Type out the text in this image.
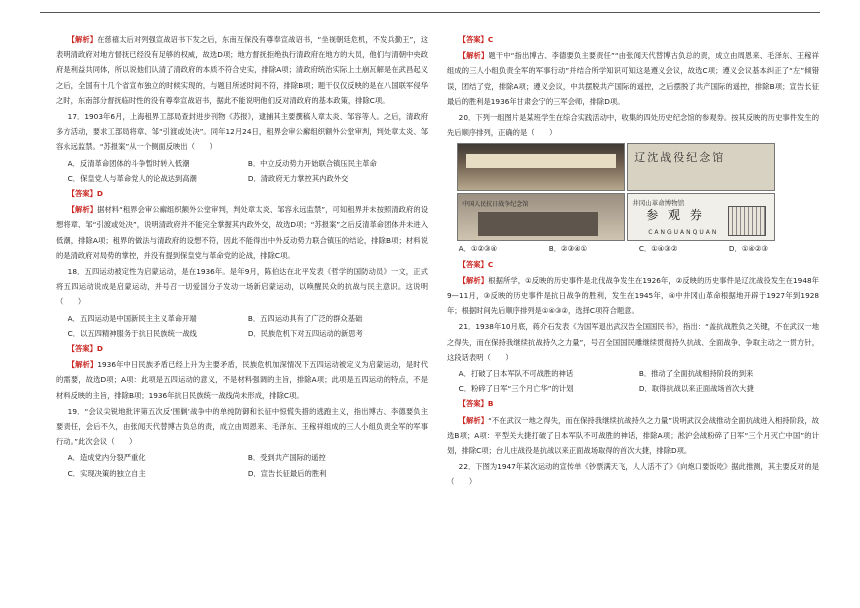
【解析】在慈禧太后对列强宣战诏书下发之后，东南互保没有尊奉宣战诏书，“坐视朝廷危机，不发兵勤王”，这表明清政府对地方督抚已经没有足够的权威，故选D项；地方督抚拒绝执行清政府在地方的大员，他们与清朝中央政府是利益共同体，所以说他们认清了清政府的本质不符合史实，排除A项；清政府统治实际上土崩瓦解是在武昌起义之后，全国有十几个省宣布独立的时候实现的，与题目所述时间不符，排除B项；题干仅仅反映的是在八国联军侵华之时，东南部分督抚临时性的没有尊奉宣战诏书，据此不能说明他们反对清政府的基本政策，排除C项。

17．1903年6月，上海租界工部局查封进步刊物《苏报》，逮捕其主要撰稿人章太炎、邹容等人。之后，清政府多方活动，要求工部局将章、邹“引渡或处决”。同年12月24日，租界会审公廨组织额外公堂审判，判处章太炎、邹容永远监禁。“苏报案”从一个侧面反映出（　　）

A．反清革命团体的斗争暂时转入低潮	B．中立反动势力开始联合镇压民主革命
C．保皇党人与革命党人的论战达到高潮	D．清政府无力掌控其内政外交

【答案】D

【解析】据材料“租界会审公廨组织额外公堂审判，判处章太炎、邹容永远监禁”，可知租界并未按照清政府的设想将章、邹“引渡或处决”，说明清政府并不能完全掌握其内政外交，故选D项；“苏报案”之后反清革命团体并未进入低潮，排除A项；租界的做法与清政府的设想不符，因此不能得出中外反动势力联合镇压的结论，排除B项；材料说的是清政府对局势的掌控，并没有提到保皇党与革命党的论战，排除C项。

18．五四运动被定性为启蒙运动，是在1936年。是年9月，陈伯达在北平发表《哲学的国防动员》一文，正式将五四运动说成是启蒙运动，并号召一切爱国分子发动一场新启蒙运动，以唤醒民众的抗战与民主意识。这说明（　　）

A．五四运动是中国新民主主义革命开端	B．五四运动具有了广泛的群众基础
C．以五四精神服务于抗日民族统一战线	D．民族危机下对五四运动的新思考

【答案】D

【解析】1936年中日民族矛盾已经上升为主要矛盾，民族危机加深情况下五四运动被定义为启蒙运动，是时代的需要，故选D项；A项：此项是五四运动的意义，不是材料强调的主旨，排除A项；此项是五四运动的特点，不是材料反映的主旨，排除B项；1936年抗日民族统一战线尚未形成，排除C项。

19．“会议尖锐地批评第五次反‘围剿’战争中的单纯防御和长征中惊慌失措的逃跑主义，指出博古、李德要负主要责任，会后不久，由张闻天代替博古负总的责，成立由周恩来、毛泽东、王稼祥组成的三人小组负责全军的军事行动。”此次会议（　　）

A．造成党内分裂严重化	B．受到共产国际的遥控
C．实现决策的独立自主	D．宣告长征最后的胜利

【答案】C

【解析】题干中“指出博古、李德要负主要责任”“由张闻天代替博古负总的责，成立由周恩来、毛泽东、王稼祥组成的三人小组负责全军的军事行动”并结合所学知识可知这是遵义会议，故选C项；遵义会议基本纠正了“左”倾错误，团结了党，排除A项；遵义会议，中共摆脱共产国际的遥控，之后摆脱了共产国际的遥控，排除B项；宣告长征最后的胜利是1936年甘肃会宁的三军会师，排除D项。

20．下列一组图片是某班学生在综合实践活动中，收集的四处历史纪念馆的参观券。按其反映的历史事件发生的先后顺序排列，正确的是（　　）

辽沈战役纪念馆
中国人民抗日战争纪念馆	井冈山革命博物馆
参 观 券
CANGUANQUAN
A．①②③④	B．②③④①	C．①④③②	D．①④②③

【答案】C

【解析】根据所学，①反映的历史事件是北伐战争发生在1926年，②反映的历史事件是辽沈战役发生在1948年9—11月，③反映的历史事件是抗日战争的胜利，发生在1945年，④中井冈山革命根据地开辟于1927年到1928年；根据时间先后顺序排列是①④③②，选择C项符合题意。

21．1938年10月底，蒋介石发表《为国军退出武汉告全国国民书》，指出：“盖抗战胜负之关键，不在武汉一地之得失，而在保持我继续抗战持久之力量”，号召全国国民雕继续贯彻持久抗战、全面战争、争取主动之一贯方针，这段话表明（　　）

A．打破了日本军队不可战胜的神话	B．推动了全面抗战相持阶段的到来
C．粉碎了日军“三个月亡华”的计划	D．取得抗战以来正面战场首次大捷

【答案】B

【解析】“不在武汉一地之得失，而在保持我继续抗战持久之力量”说明武汉会战推动全面抗战进入相持阶段，故选B项；A项：平型关大捷打破了日本军队不可战胜的神话，排除A项；淞沪会战粉碎了日军“三个月灭亡中国”的计划，排除C项；台儿庄战役是抗战以来正面战场取得的首次大捷，排除D项。

22．下图为1947年某次运动的宣传单《钞票满天飞，人人活不了》《向炮口要饭吃》据此推测，其主要反对的是（　　）
